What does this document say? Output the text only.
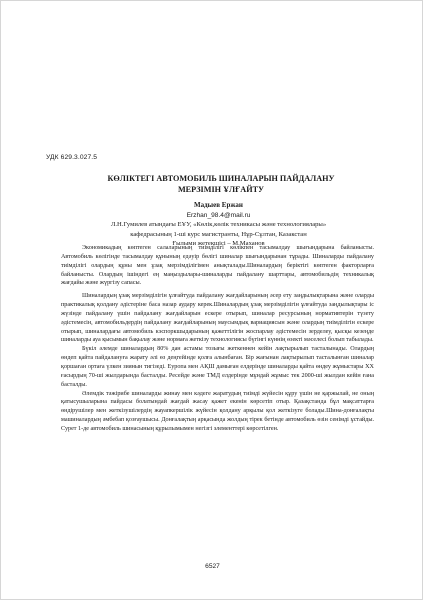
УДК 629.3.027.5
КӨЛІКТЕГІ АВТОМОБИЛЬ ШИНАЛАРЫН ПАЙДАЛАНУ
МЕРЗІМІН ҰЛҒАЙТУ
Мадыев Ержан
Erzhan_98.4@mail.ru
Л.Н.Гумилев атындағы ЕҰУ, «Көлік,көлік техникасы және технологиялары»
кафедрасының 1-ші курс магистранты, Нұр-Сұлтан, Казакстан
Ғылыми жетекшісі – М.Маханов

Экономикадың көптеген салаларының тиімділігі көлікпен тасымалдау шығындарына байланысты. Автомобиль көлігінде тасымалдау құнының едәуір бөлігі шиналар шығындарынан тұрады. Шиналарды пайдалану тиімділігі олардың құны мен ұзақ мерзімділігімен анықталады.Шиналардың беріктігі көптеген факторларға байланысты. Олардың ішіндегі ең маңыздылары-шиналарды пайдалану шарттары, автомобильдің техникалық жағдайы және жүргізу сапасы.

Шиналардың ұзақ мерзімділігін ұлғайтуда пайдалану жағдайларының әсер ету заңдылықтарына және оларды практикалық қолдану әдістеріне баса назар аудару керек.Шиналардың ұзақ мерзімділігін ұлғайтуда заңдылықтары іс жүзінде пайдалану үшін пайдалану жағдайларын ескере отырып, шиналар ресурсының нормативтерін түзету әдістемесін, автомобильдердің пайдалану жағдайларының маусымдық вариациясын және олардың тиімділігін ескере отырып, шиналардағы автомобиль кэспоркшыдарының қажеттілігін жоспарлау әдістемесін зерделеу, қысқы кезеңде шиналарды ауа қысымын бақылау және нормаға жеткізу технологиясы бүгінгі күннің өзекті мәселесі болып табылады.

Бүкіл әлемде шиналардың 80% дан астамы тозығы жеткеннен кейін лақтырылып тасталынады. Олардың өндеп қайта пайдалануға жарату әлі өз деңгейінде қолға алынбаған. Бір жағынан лақтырылып тасталынған шиналар қоршаған ортаға үлкен зиянын тигізеді. Еуропа мен АҚШ дамыған елдерінде шиналарды қайта өндеу жұмыстары ХХ ғасырдың 70-ші жылдарында басталды. Ресейде және ТМД елдерінде мұндай жұмыс тек 2000-ші жылдан кейін ғана басталды.

Әлемдік тәжірибе шиналарды жинау мен кәдеге жаратудың тиімді жүйесін құру үшін не қаржылай, не оның қатысушыларына пайдасы болатындай жағдай жасау қажет екенін көрсетіп отыр. Қазақстанда бұл мақсаттарға өндірушілер мен жеткізушілердің жауапкершілік жүйесін қолдану арқылы қол жеткізуге болады.Шина-донғалақты машиналардың әмбебап қозғаушысы. Донғалақтың арқасында жолдың тірек бетінде автомобиль өзін сенімді ұстайды. Сурет 1-де автомобиль шинасының құрылымымен негізгі элементтері көрсетілген.

6527
